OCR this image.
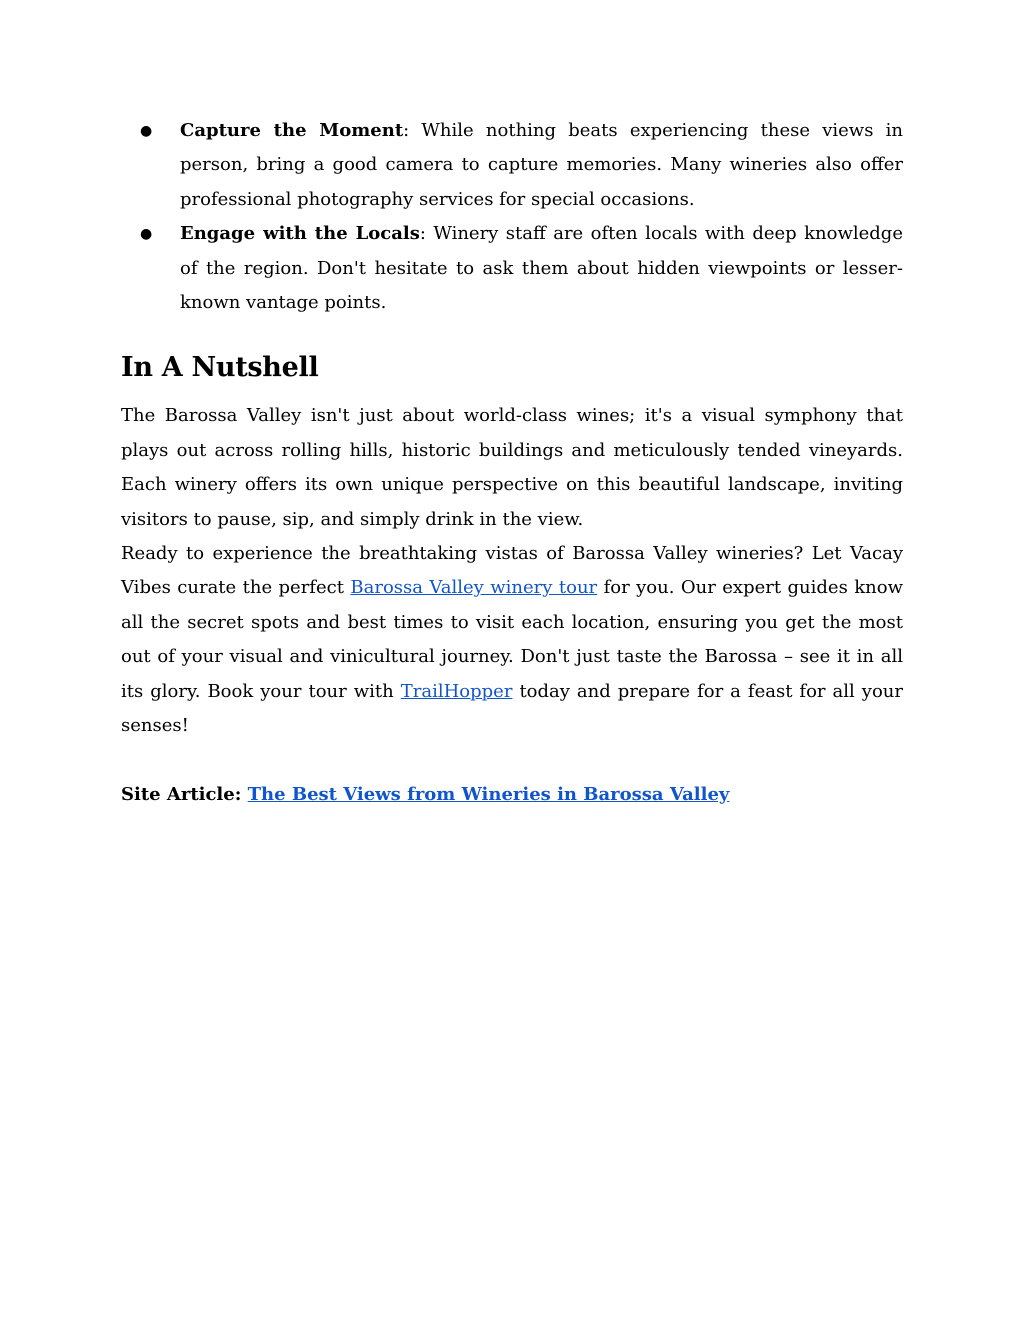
● Capture the Moment: While nothing beats experiencing these views in person, bring a good camera to capture memories. Many wineries also offer professional photography services for special occasions.
● Engage with the Locals: Winery staff are often locals with deep knowledge of the region. Don't hesitate to ask them about hidden viewpoints or lesser-known vantage points.
In A Nutshell

The Barossa Valley isn't just about world-class wines; it's a visual symphony that plays out across rolling hills, historic buildings and meticulously tended vineyards. Each winery offers its own unique perspective on this beautiful landscape, inviting visitors to pause, sip, and simply drink in the view.

Ready to experience the breathtaking vistas of Barossa Valley wineries? Let Vacay Vibes curate the perfect Barossa Valley winery tour for you. Our expert guides know all the secret spots and best times to visit each location, ensuring you get the most out of your visual and vinicultural journey. Don't just taste the Barossa – see it in all its glory. Book your tour with TrailHopper today and prepare for a feast for all your senses!

Site Article: The Best Views from Wineries in Barossa Valley
